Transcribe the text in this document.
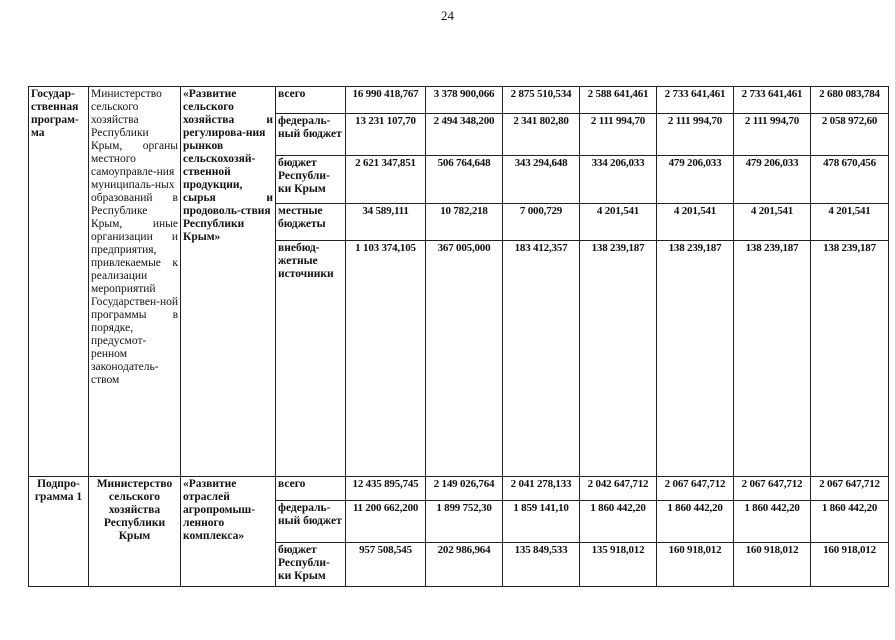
24
Государ-ственная програм-ма	Министерство сельского хозяйства Республики Крым, органы местного самоуправле-ния муниципаль-ных образований в Республике Крым, иные организации и предприятия, привлекаемые к реализации мероприятий Государствен-ной программы в порядке, предусмот-ренном законодатель-ством	«Развитие сельского хозяйства и регулирова-ния рынков сельскохозяй-ственной продукции, сырья и продоволь-ствия Республики Крым»	всего	16 990 418,767	3 378 900,066	2 875 510,534	2 588 641,461	2 733 641,461	2 733 641,461	2 680 083,784
			федераль-ный бюджет	13 231 107,70	2 494 348,200	2 341 802,80	2 111 994,70	2 111 994,70	2 111 994,70	2 058 972,60
			бюджет Республи-ки Крым	2 621 347,851	506 764,648	343 294,648	334 206,033	479 206,033	479 206,033	478 670,456
			местные бюджеты	34 589,111	10 782,218	7 000,729	4 201,541	4 201,541	4 201,541	4 201,541
			внебюд-жетные источники	1 103 374,105	367 005,000	183 412,357	138 239,187	138 239,187	138 239,187	138 239,187
Подпро-грамма 1	Министерство сельского хозяйства Республики Крым	«Развитие отраслей агропромыш-ленного комплекса»	всего	12 435 895,745	2 149 026,764	2 041 278,133	2 042 647,712	2 067 647,712	2 067 647,712	2 067 647,712
			федераль-ный бюджет	11 200 662,200	1 899 752,30	1 859 141,10	1 860 442,20	1 860 442,20	1 860 442,20	1 860 442,20
			бюджет Республи-ки Крым	957 508,545	202 986,964	135 849,533	135 918,012	160 918,012	160 918,012	160 918,012
